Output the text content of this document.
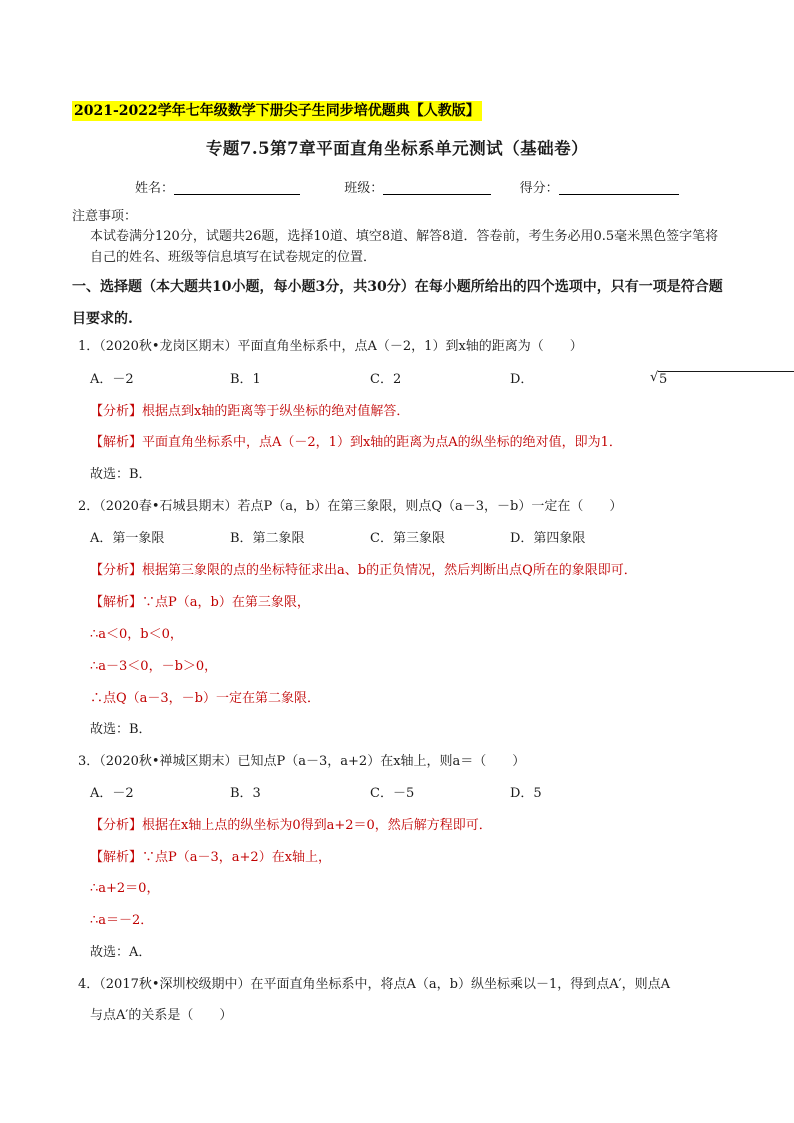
2021-2022学年七年级数学下册尖子生同步培优题典【人教版】
专题7.5第7章平面直角坐标系单元测试（基础卷）
姓名：	班级：	得分：
注意事项：
本试卷满分120分，试题共26题，选择10道、填空8道、解答8道．答卷前，考生务必用0.5毫米黑色签字笔将自己的姓名、班级等信息填写在试卷规定的位置．
一、选择题（本大题共10小题，每小题3分，共30分）在每小题所给出的四个选项中，只有一项是符合题目要求的.
1．（2020秋•龙岗区期末）平面直角坐标系中，点A（－2，1）到x轴的距离为（　　）
A．－2	B．1	C．2	D．√	5
【分析】根据点到x轴的距离等于纵坐标的绝对值解答．
【解析】平面直角坐标系中，点A（－2，1）到x轴的距离为点A的纵坐标的绝对值，即为1．
故选：B．
2．（2020春•石城县期末）若点P（a，b）在第三象限，则点Q（a－3，－b）一定在（　　）
A．第一象限	B．第二象限	C．第三象限	D．第四象限
【分析】根据第三象限的点的坐标特征求出a、b的正负情况，然后判断出点Q所在的象限即可．
【解析】∵点P（a，b）在第三象限，
∴a＜0，b＜0，
∴a－3＜0，－b＞0，
∴点Q（a－3，－b）一定在第二象限．
故选：B．
3．（2020秋•禅城区期末）已知点P（a－3，a+2）在x轴上，则a＝（　　）
A．－2	B．3	C．－5	D．5
【分析】根据在x轴上点的纵坐标为0得到a+2＝0，然后解方程即可．
【解析】∵点P（a－3，a+2）在x轴上，
∴a+2＝0，
∴a＝－2．
故选：A．
4．（2017秋•深圳校级期中）在平面直角坐标系中，将点A（a，b）纵坐标乘以－1，得到点A′，则点A
与点A′的关系是（　　）
